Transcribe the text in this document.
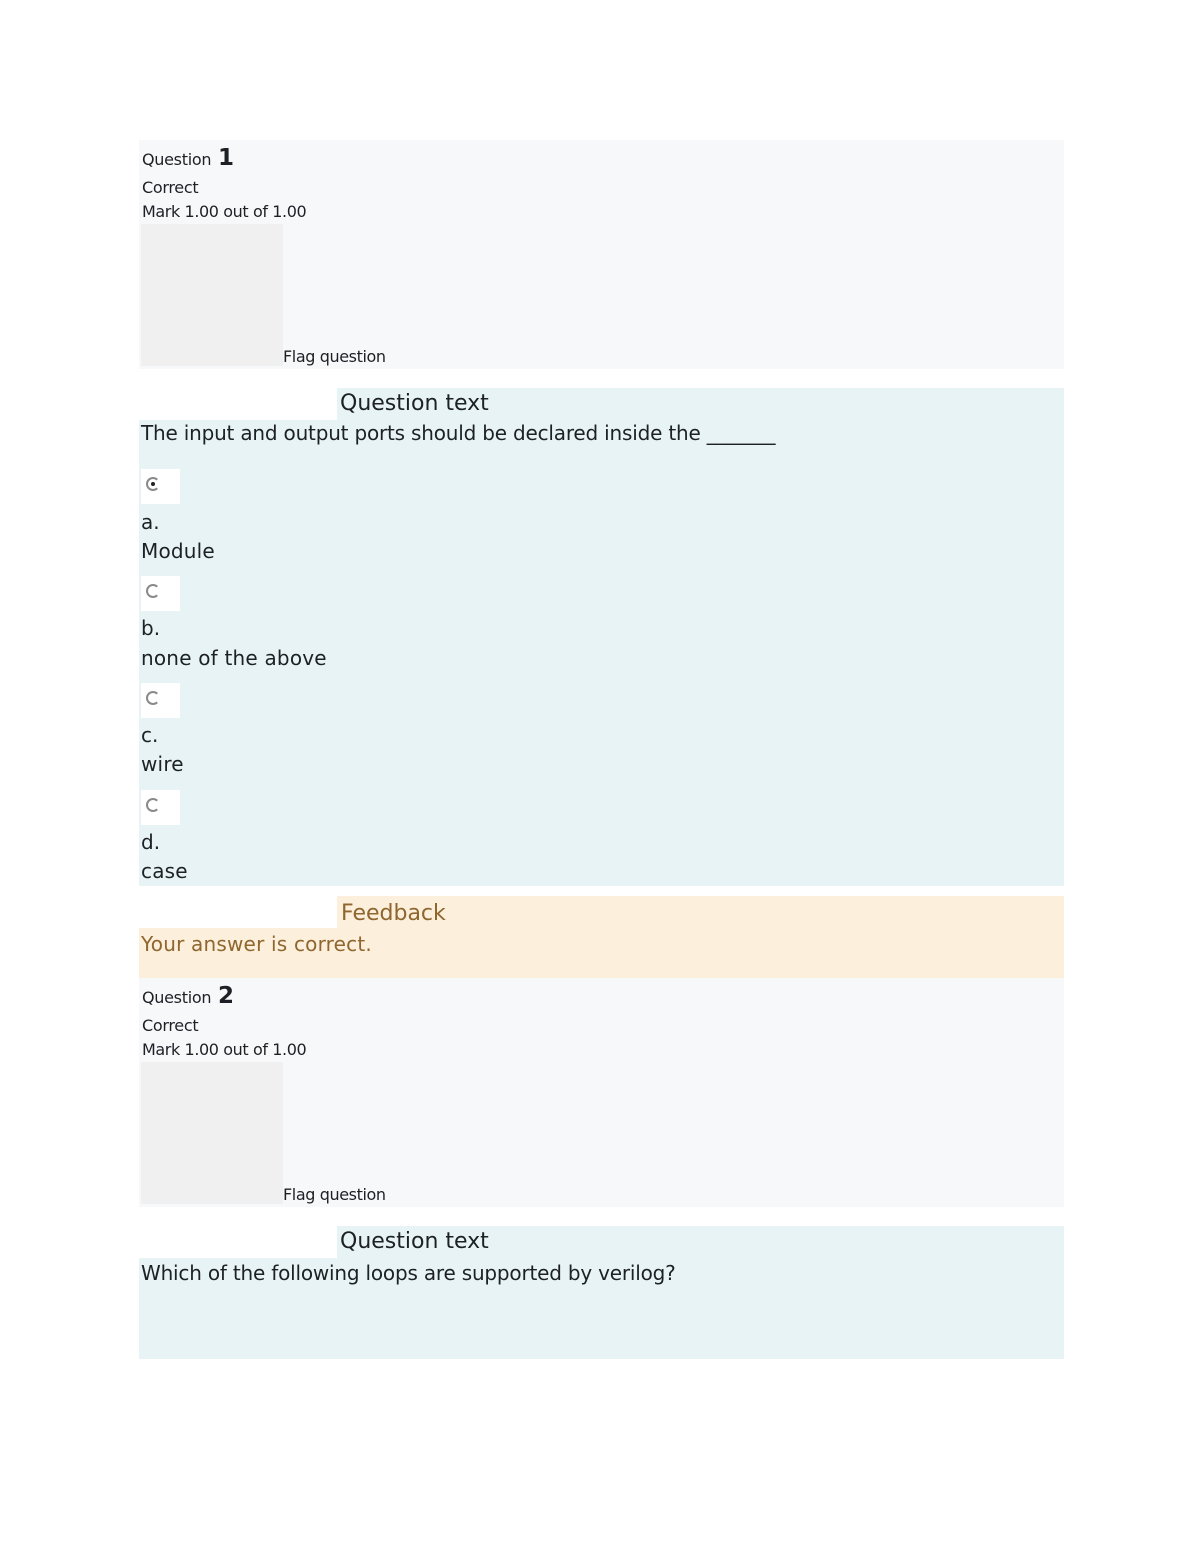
Question 1
Correct
Mark 1.00 out of 1.00
Flag question
Question text
The input and output ports should be declared inside the _______
a.
Module
b.
none of the above
c.
wire
d.
case
Feedback
Your answer is correct.
Question 2
Correct
Mark 1.00 out of 1.00
Flag question
Question text
Which of the following loops are supported by verilog?
